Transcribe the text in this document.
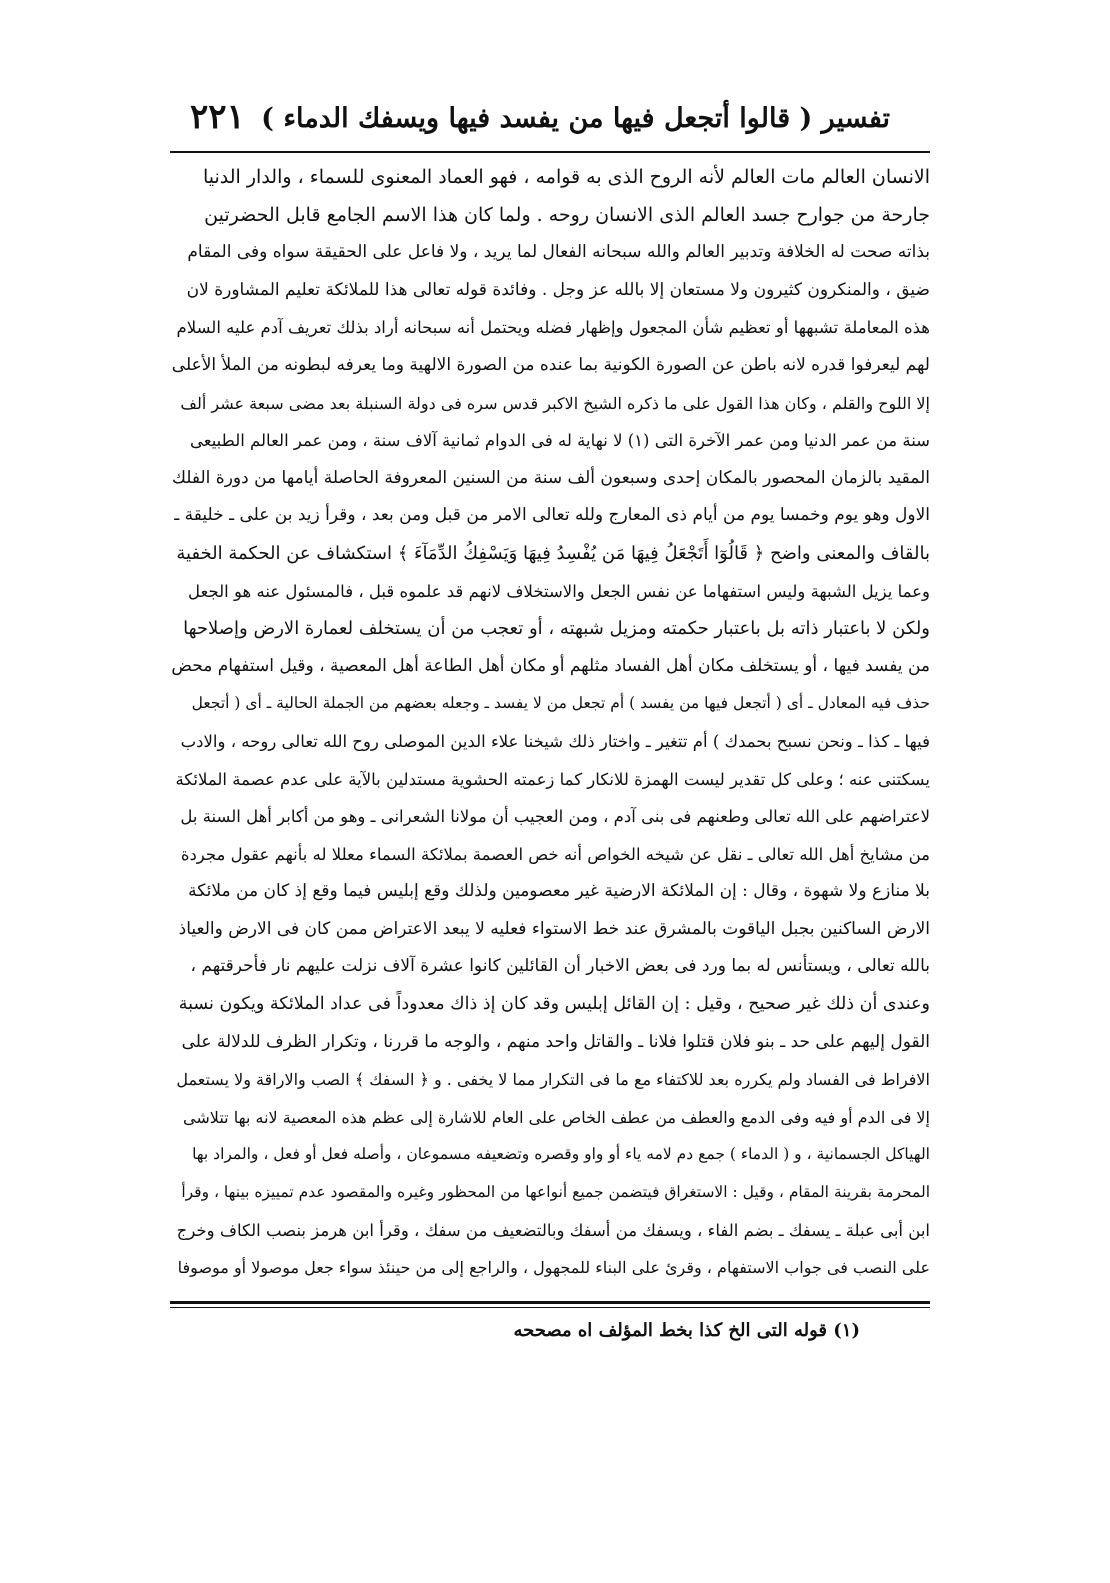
تفسير ( قالوا أتجعل فيها من يفسد فيها ويسفك الدماء )
٢٢١
الانسان العالم مات العالم لأنه الروح الذى به قوامه ، فهو العماد المعنوى للسماء ، والدار الدنيا
جارحة من جوارح جسد العالم الذى الانسان روحه . ولما كان هذا الاسم الجامع قابل الحضرتين
بذاته صحت له الخلافة وتدبير العالم والله سبحانه الفعال لما يريد ، ولا فاعل على الحقيقة سواه وفى المقام
ضيق ، والمنكرون كثيرون ولا مستعان إلا بالله عز وجل . وفائدة قوله تعالى هذا للملائكة تعليم المشاورة لان
هذه المعاملة تشبهها أو تعظيم شأن المجعول وإظهار فضله ويحتمل أنه سبحانه أراد بذلك تعريف آدم عليه السلام
لهم ليعرفوا قدره لانه باطن عن الصورة الكونية بما عنده من الصورة الالهية وما يعرفه لبطونه من الملأ الأعلى
إلا اللوح والقلم ، وكان هذا القول على ما ذكره الشيخ الاكبر قدس سره فى دولة السنبلة بعد مضى سبعة عشر ألف
سنة من عمر الدنيا ومن عمر الآخرة التى (١) لا نهاية له فى الدوام ثمانية آلاف سنة ، ومن عمر العالم الطبيعى
المقيد بالزمان المحصور بالمكان إحدى وسبعون ألف سنة من السنين المعروفة الحاصلة أيامها من دورة الفلك
الاول وهو يوم وخمسا يوم من أيام ذى المعارج ولله تعالى الامر من قبل ومن بعد ، وقرأ زيد بن على ـ خليقة ـ
بالقاف والمعنى واضح ﴿ قَالُوٓا أَتَجْعَلُ فِيهَا مَن يُفْسِدُ فِيهَا وَيَسْفِكُ الدِّمَآءَ ﴾ استكشاف عن الحكمة الخفية
وعما يزيل الشبهة وليس استفهاما عن نفس الجعل والاستخلاف لانهم قد علموه قبل ، فالمسئول عنه هو الجعل
ولكن لا باعتبار ذاته بل باعتبار حكمته ومزيل شبهته ، أو تعجب من أن يستخلف لعمارة الارض وإصلاحها
من يفسد فيها ، أو يستخلف مكان أهل الفساد مثلهم أو مكان أهل الطاعة أهل المعصية ، وقيل استفهام محض
حذف فيه المعادل ـ أى ( أتجعل فيها من يفسد ) أم تجعل من لا يفسد ـ وجعله بعضهم من الجملة الحالية ـ أى ( أتجعل
فيها ـ كذا ـ ونحن نسبح بحمدك ) أم تتغير ـ واختار ذلك شيخنا علاء الدين الموصلى روح الله تعالى روحه ، والادب
يسكتنى عنه ؛ وعلى كل تقدير ليست الهمزة للانكار كما زعمته الحشوية مستدلين بالآية على عدم عصمة الملائكة
لاعتراضهم على الله تعالى وطعنهم فى بنى آدم ، ومن العجيب أن مولانا الشعرانى ـ وهو من أكابر أهل السنة بل
من مشايخ أهل الله تعالى ـ نقل عن شيخه الخواص أنه خص العصمة بملائكة السماء معللا له بأنهم عقول مجردة
بلا منازع ولا شهوة ، وقال : إن الملائكة الارضية غير معصومين ولذلك وقع إبليس فيما وقع إذ كان من ملائكة
الارض الساكنين بجبل الياقوت بالمشرق عند خط الاستواء فعليه لا يبعد الاعتراض ممن كان فى الارض والعياذ
بالله تعالى ، ويستأنس له بما ورد فى بعض الاخبار أن القائلين كانوا عشرة آلاف نزلت عليهم نار فأحرقتهم ،
وعندى أن ذلك غير صحيح ، وقيل : إن القائل إبليس وقد كان إذ ذاك معدوداً فى عداد الملائكة ويكون نسبة
القول إليهم على حد ـ بنو فلان قتلوا فلانا ـ والقاتل واحد منهم ، والوجه ما قررنا ، وتكرار الظرف للدلالة على
الافراط فى الفساد ولم يكرره بعد للاكتفاء مع ما فى التكرار مما لا يخفى . و ﴿ السفك ﴾ الصب والاراقة ولا يستعمل
إلا فى الدم أو فيه وفى الدمع والعطف من عطف الخاص على العام للاشارة إلى عظم هذه المعصية لانه بها تتلاشى
الهياكل الجسمانية ، و ( الدماء ) جمع دم لامه ياء أو واو وقصره وتضعيفه مسموعان ، وأصله فعل أو فعل ، والمراد بها
المحرمة بقرينة المقام ، وقيل : الاستغراق فيتضمن جميع أنواعها من المحظور وغيره والمقصود عدم تمييزه بينها ، وقرأ
ابن أبى عبلة ـ يسفك ـ بضم الفاء ، ويسفك من أسفك وبالتضعيف من سفك ، وقرأ ابن هرمز بنصب الكاف وخرج
على النصب فى جواب الاستفهام ، وقرئ على البناء للمجهول ، والراجع إلى من حينئذ سواء جعل موصولا أو موصوفا
(١) قوله التى الخ كذا بخط المؤلف اه مصححه
